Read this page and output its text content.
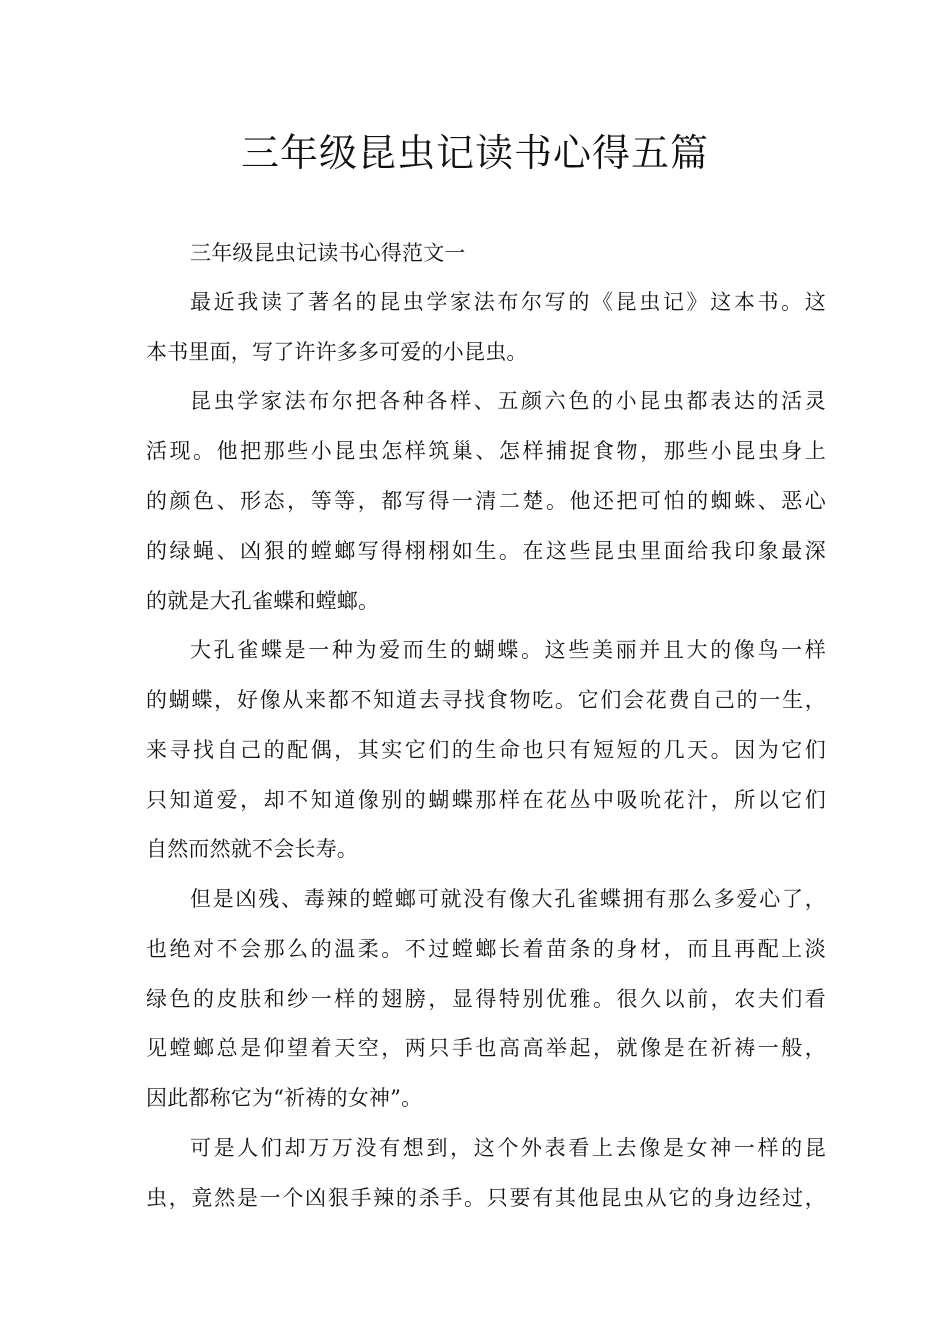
三年级昆虫记读书心得五篇
三年级昆虫记读书心得范文一
最近我读了著名的昆虫学家法布尔写的《昆虫记》这本书。这
本书里面，写了许许多多可爱的小昆虫。
昆虫学家法布尔把各种各样、五颜六色的小昆虫都表达的活灵
活现。他把那些小昆虫怎样筑巢、怎样捕捉食物，那些小昆虫身上
的颜色、形态，等等，都写得一清二楚。他还把可怕的蜘蛛、恶心
的绿蝇、凶狠的螳螂写得栩栩如生。在这些昆虫里面给我印象最深
的就是大孔雀蝶和螳螂。
大孔雀蝶是一种为爱而生的蝴蝶。这些美丽并且大的像鸟一样
的蝴蝶，好像从来都不知道去寻找食物吃。它们会花费自己的一生，
来寻找自己的配偶，其实它们的生命也只有短短的几天。因为它们
只知道爱，却不知道像别的蝴蝶那样在花丛中吸吮花汁，所以它们
自然而然就不会长寿。
但是凶残、毒辣的螳螂可就没有像大孔雀蝶拥有那么多爱心了，
也绝对不会那么的温柔。不过螳螂长着苗条的身材，而且再配上淡
绿色的皮肤和纱一样的翅膀，显得特别优雅。很久以前，农夫们看
见螳螂总是仰望着天空，两只手也高高举起，就像是在祈祷一般，
因此都称它为“祈祷的女神”。
可是人们却万万没有想到，这个外表看上去像是女神一样的昆
虫，竟然是一个凶狠手辣的杀手。只要有其他昆虫从它的身边经过，
